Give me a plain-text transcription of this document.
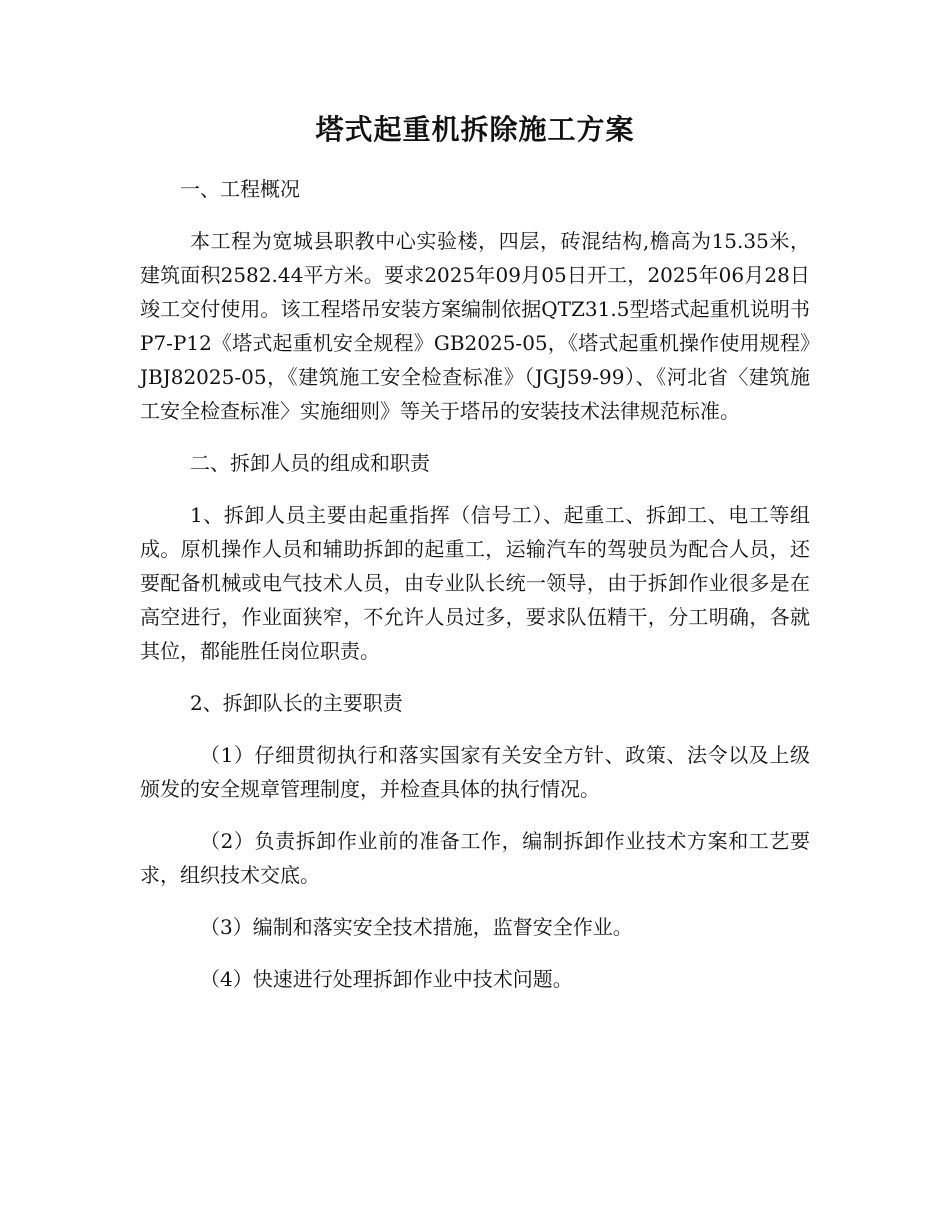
塔式起重机拆除施工方案

一、工程概况

本工程为宽城县职教中心实验楼，四层，砖混结构,檐高为15.35米，建筑面积2582.44平方米。要求2025年09月05日开工，2025年06月28日竣工交付使用。该工程塔吊安装方案编制依据QTZ31.5型塔式起重机说明书P7-P12《塔式起重机安全规程》GB2025-05，《塔式起重机操作使用规程》JBJ82025-05，《建筑施工安全检查标准》（JGJ59-99）、《河北省〈建筑施工安全检查标准〉实施细则》等关于塔吊的安装技术法律规范标准。

二、拆卸人员的组成和职责

1、拆卸人员主要由起重指挥（信号工）、起重工、拆卸工、电工等组成。原机操作人员和辅助拆卸的起重工，运输汽车的驾驶员为配合人员，还要配备机械或电气技术人员，由专业队长统一领导，由于拆卸作业很多是在高空进行，作业面狭窄，不允许人员过多，要求队伍精干，分工明确，各就其位，都能胜任岗位职责。

2、拆卸队长的主要职责

（1）仔细贯彻执行和落实国家有关安全方针、政策、法令以及上级颁发的安全规章管理制度，并检查具体的执行情况。

（2）负责拆卸作业前的准备工作，编制拆卸作业技术方案和工艺要求，组织技术交底。

（3）编制和落实安全技术措施，监督安全作业。

（4）快速进行处理拆卸作业中技术问题。
